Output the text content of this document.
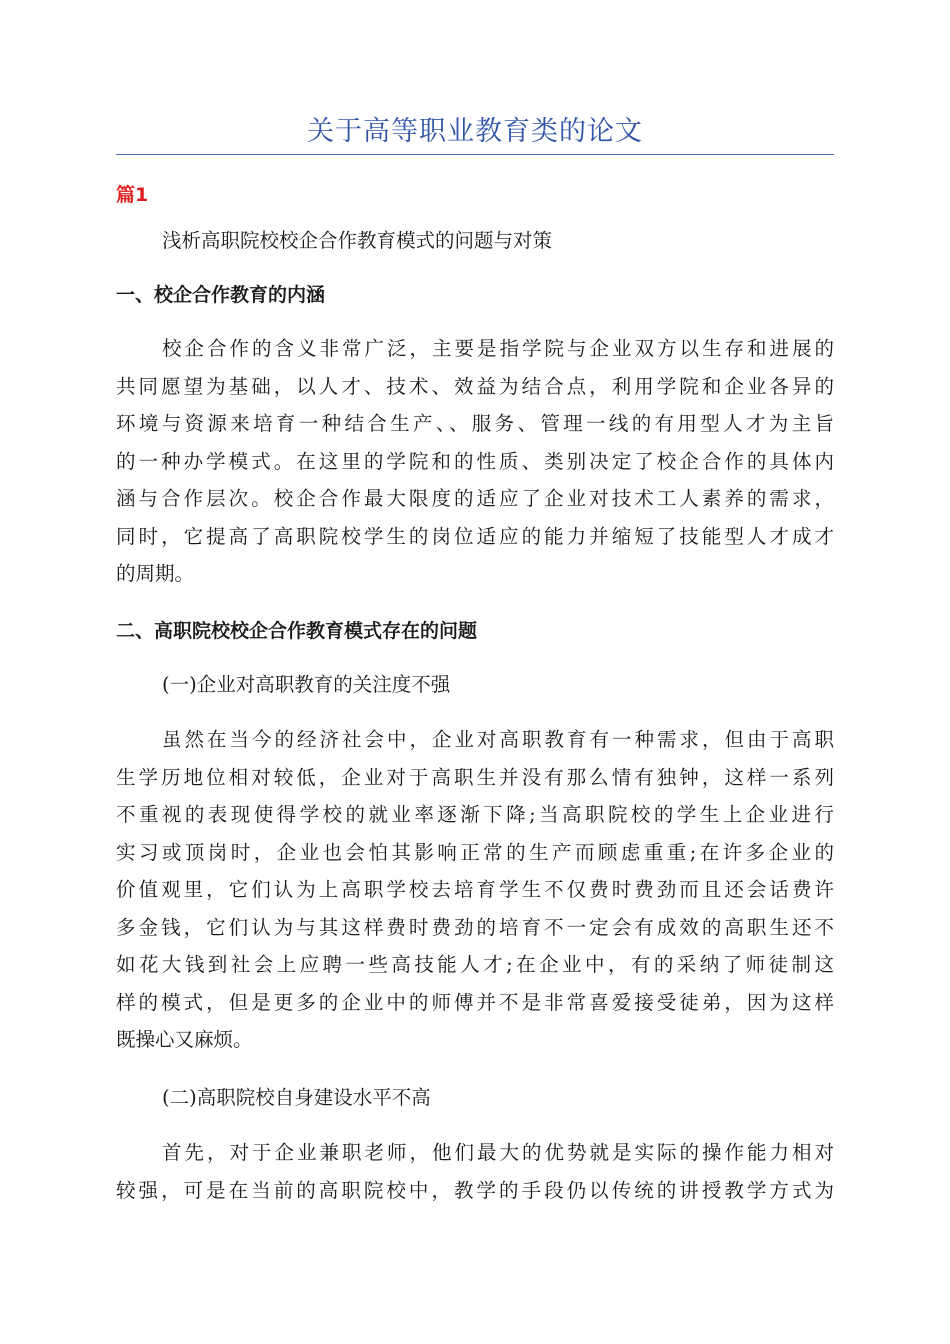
关于高等职业教育类的论文
篇1
浅析高职院校校企合作教育模式的问题与对策
一、校企合作教育的内涵
校企合作的含义非常广泛，主要是指学院与企业双方以生存和进展的
共同愿望为基础，以人才、技术、效益为结合点，利用学院和企业各异的
环境与资源来培育一种结合生产、、服务、管理一线的有用型人才为主旨
的一种办学模式。在这里的学院和的性质、类别决定了校企合作的具体内
涵与合作层次。校企合作最大限度的适应了企业对技术工人素养的需求，
同时，它提高了高职院校学生的岗位适应的能力并缩短了技能型人才成才
的周期。
二、高职院校校企合作教育模式存在的问题
(一)企业对高职教育的关注度不强
虽然在当今的经济社会中，企业对高职教育有一种需求，但由于高职
生学历地位相对较低，企业对于高职生并没有那么情有独钟，这样一系列
不重视的表现使得学校的就业率逐渐下降;当高职院校的学生上企业进行
实习或顶岗时，企业也会怕其影响正常的生产而顾虑重重;在许多企业的
价值观里，它们认为上高职学校去培育学生不仅费时费劲而且还会话费许
多金钱，它们认为与其这样费时费劲的培育不一定会有成效的高职生还不
如花大钱到社会上应聘一些高技能人才;在企业中，有的采纳了师徒制这
样的模式，但是更多的企业中的师傅并不是非常喜爱接受徒弟，因为这样
既操心又麻烦。
(二)高职院校自身建设水平不高
首先，对于企业兼职老师，他们最大的优势就是实际的操作能力相对
较强，可是在当前的高职院校中，教学的手段仍以传统的讲授教学方式为
